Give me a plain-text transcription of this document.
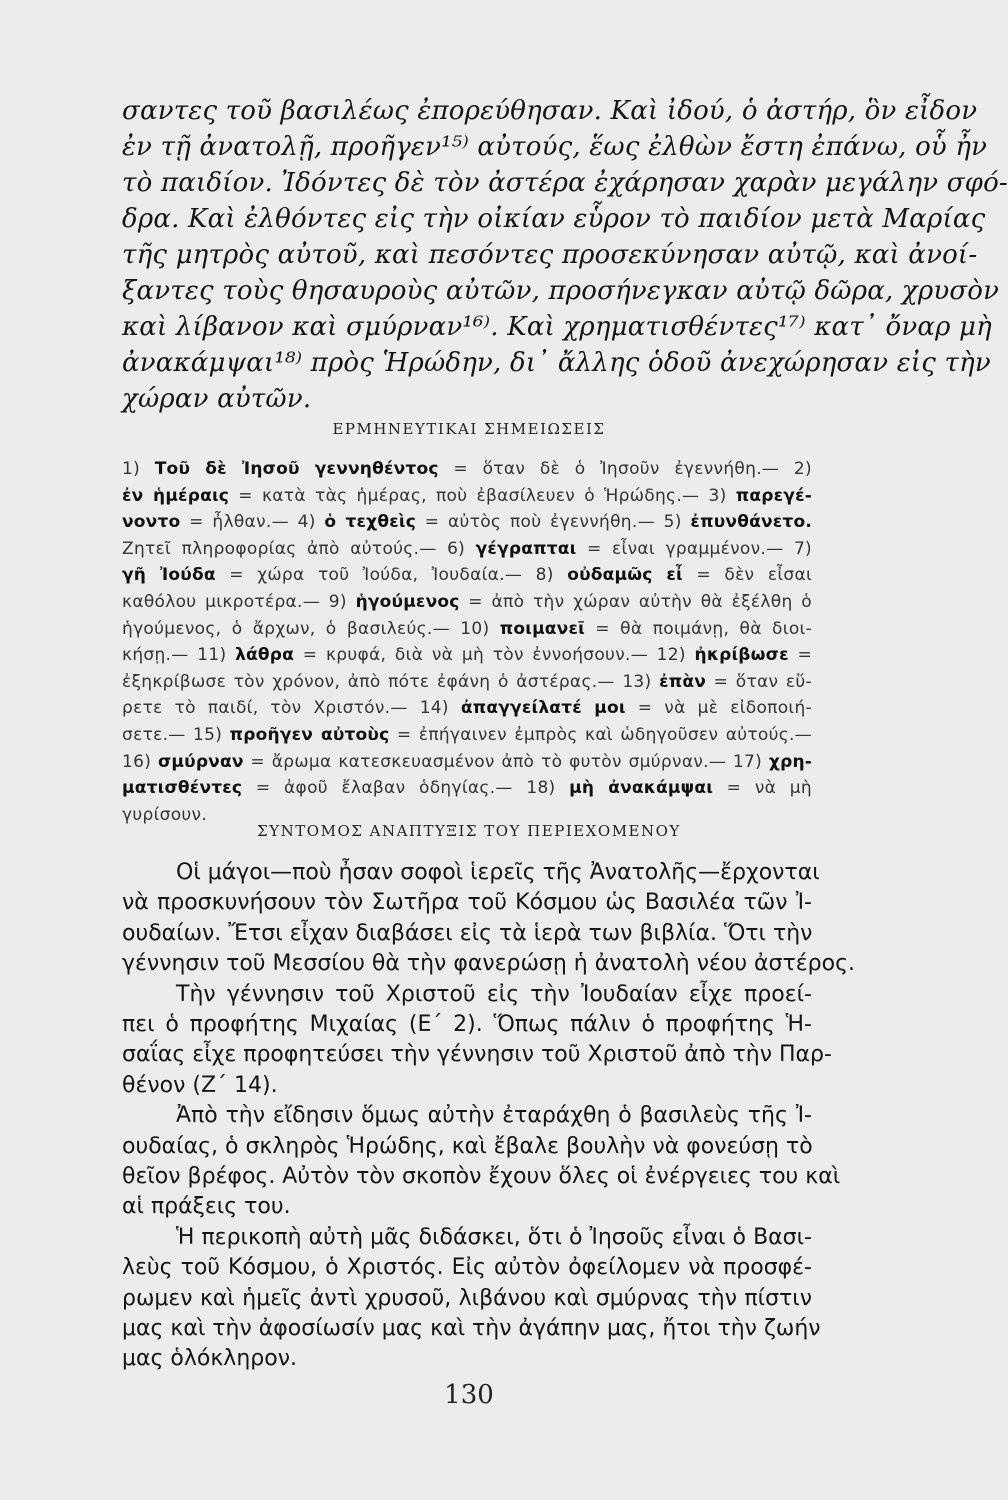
σαντες τοῦ βασιλέως ἐπορεύθησαν. Καὶ ἰδού, ὁ ἀστήρ, ὃν εἶδον
ἐν τῇ ἀνατολῇ, προῆγεν¹⁵⁾ αὐτούς, ἕως ἐλθὼν ἔστη ἐπάνω, οὗ ἦν
τὸ παιδίον. Ἰδόντες δὲ τὸν ἀστέρα ἐχάρησαν χαρὰν μεγάλην σφό-
δρα. Καὶ ἐλθόντες εἰς τὴν οἰκίαν εὗρον τὸ παιδίον μετὰ Μαρίας
τῆς μητρὸς αὐτοῦ, καὶ πεσόντες προσεκύνησαν αὐτῷ, καὶ ἀνοί-
ξαντες τοὺς θησαυροὺς αὐτῶν, προσήνεγκαν αὐτῷ δῶρα, χρυσὸν
καὶ λίβανον καὶ σμύρναν¹⁶⁾. Καὶ χρηματισθέντες¹⁷⁾ κατ᾽ ὄναρ μὴ
ἀνακάμψαι¹⁸⁾ πρὸς Ἡρώδην, δι᾽ ἄλλης ὁδοῦ ἀνεχώρησαν εἰς τὴν
χώραν αὐτῶν.
ΕΡΜΗΝΕΥΤΙΚΑΙ ΣΗΜΕΙΩΣΕΙΣ
1) Τοῦ δὲ Ἰησοῦ γεννηθέντος = ὅταν δὲ ὁ Ἰησοῦν ἐγεννήθη.— 2)
ἐν ἡμέραις = κατὰ τὰς ἡμέρας, ποὺ ἐβασίλευεν ὁ Ἡρώδης.— 3) παρεγέ-
νοντο = ἦλθαν.— 4) ὁ τεχθεὶς = αὐτὸς ποὺ ἐγεννήθη.— 5) ἐπυνθάνετο.
Ζητεῖ πληροφορίας ἀπὸ αὐτούς.— 6) γέγραπται = εἶναι γραμμένον.— 7)
γῆ Ἰούδα = χώρα τοῦ Ἰούδα, Ἰουδαία.— 8) οὐδαμῶς εἶ = δὲν εἶσαι
καθόλου μικροτέρα.— 9) ἡγούμενος = ἀπὸ τὴν χώραν αὐτὴν θὰ ἐξέλθη ὁ
ἡγούμενος, ὁ ἄρχων, ὁ βασιλεύς.— 10) ποιμανεῖ = θὰ ποιμάνῃ, θὰ διοι-
κήσῃ.— 11) λάθρα = κρυφά, διὰ νὰ μὴ τὸν ἐννοήσουν.— 12) ἠκρίβωσε =
ἐξηκρίβωσε τὸν χρόνον, ἀπὸ πότε ἐφάνη ὁ ἀστέρας.— 13) ἐπὰν = ὅταν εὕ-
ρετε τὸ παιδί, τὸν Χριστόν.— 14) ἀπαγγείλατέ μοι = νὰ μὲ εἰδοποιή-
σετε.— 15) προῆγεν αὐτοὺς = ἐπήγαινεν ἐμπρὸς καὶ ὡδηγοῦσεν αὐτούς.—
16) σμύρναν = ἄρωμα κατεσκευασμένον ἀπὸ τὸ φυτὸν σμύρναν.— 17) χρη-
ματισθέντες = ἀφοῦ ἔλαβαν ὁδηγίας.— 18) μὴ ἀνακάμψαι = νὰ μὴ
γυρίσουν.
ΣΥΝΤΟΜΟΣ ΑΝΑΠΤΥΞΙΣ ΤΟΥ ΠΕΡΙΕΧΟΜΕΝΟΥ
Οἱ μάγοι—ποὺ ἦσαν σοφοὶ ἱερεῖς τῆς Ἀνατολῆς—ἔρχονται
νὰ προσκυνήσουν τὸν Σωτῆρα τοῦ Κόσμου ὡς Βασιλέα τῶν Ἰ-
ουδαίων. Ἔτσι εἶχαν διαβάσει εἰς τὰ ἱερὰ των βιβλία. Ὅτι τὴν
γέννησιν τοῦ Μεσσίου θὰ τὴν φανερώσῃ ἡ ἀνατολὴ νέου ἀστέρος.
Τὴν γέννησιν τοῦ Χριστοῦ εἰς τὴν Ἰουδαίαν εἶχε προεί-
πει ὁ προφήτης Μιχαίας (Ε΄ 2). Ὅπως πάλιν ὁ προφήτης Ἡ-
σαΐας εἶχε προφητεύσει τὴν γέννησιν τοῦ Χριστοῦ ἀπὸ τὴν Παρ-
θένον (Ζ΄ 14).
Ἀπὸ τὴν εἴδησιν ὅμως αὐτὴν ἐταράχθη ὁ βασιλεὺς τῆς Ἰ-
ουδαίας, ὁ σκληρὸς Ἡρώδης, καὶ ἔβαλε βουλὴν νὰ φονεύσῃ τὸ
θεῖον βρέφος. Αὐτὸν τὸν σκοπὸν ἔχουν ὅλες οἱ ἐνέργειες του καὶ
αἱ πράξεις του.
Ἡ περικοπὴ αὐτὴ μᾶς διδάσκει, ὅτι ὁ Ἰησοῦς εἶναι ὁ Βασι-
λεὺς τοῦ Κόσμου, ὁ Χριστός. Εἰς αὐτὸν ὀφείλομεν νὰ προσφέ-
ρωμεν καὶ ἡμεῖς ἀντὶ χρυσοῦ, λιβάνου καὶ σμύρνας τὴν πίστιν
μας καὶ τὴν ἀφοσίωσίν μας καὶ τὴν ἀγάπην μας, ἤτοι τὴν ζωήν
μας ὁλόκληρον.
130
